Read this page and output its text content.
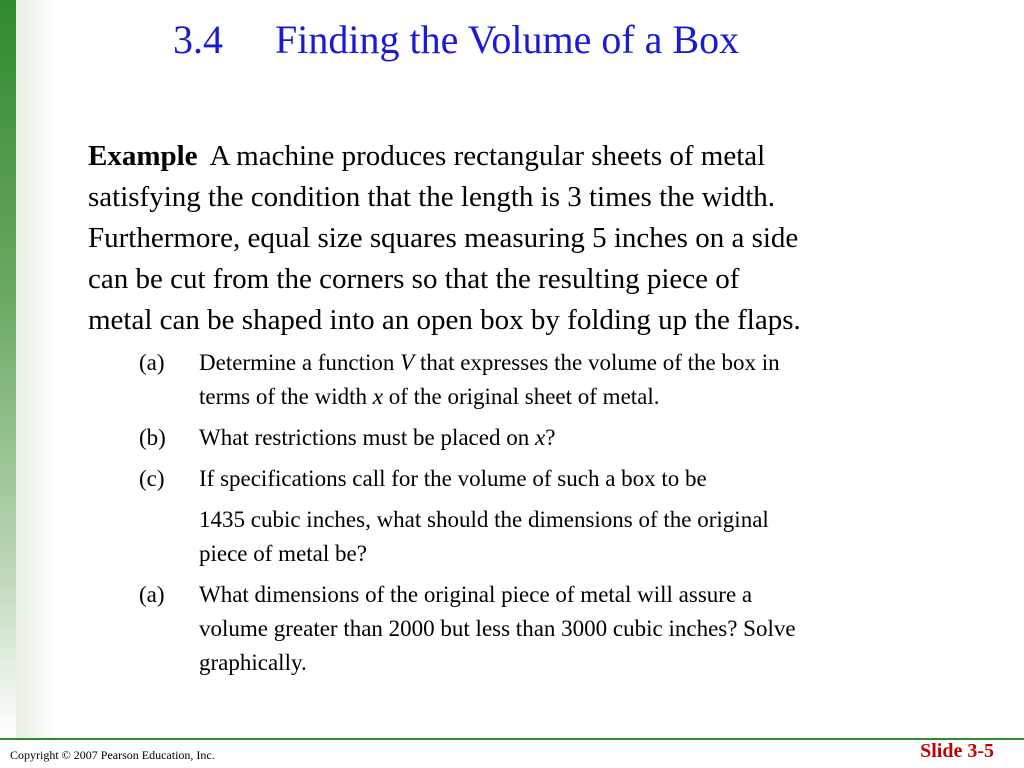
3.4 Finding the Volume of a Box

Example A machine produces rectangular sheets of metal

satisfying the condition that the length is 3 times the width.

Furthermore, equal size squares measuring 5 inches on a side

can be cut from the corners so that the resulting piece of

metal can be shaped into an open box by folding up the flaps.

(a) Determine a function V that expresses the volume of the box in
terms of the width x of the original sheet of metal.
(b) What restrictions must be placed on x?
(c) If specifications call for the volume of such a box to be
1435 cubic inches, what should the dimensions of the original
piece of metal be?
(a) What dimensions of the original piece of metal will assure a
volume greater than 2000 but less than 3000 cubic inches? Solve
graphically.
Copyright © 2007 Pearson Education, Inc.	Slide 3-5
